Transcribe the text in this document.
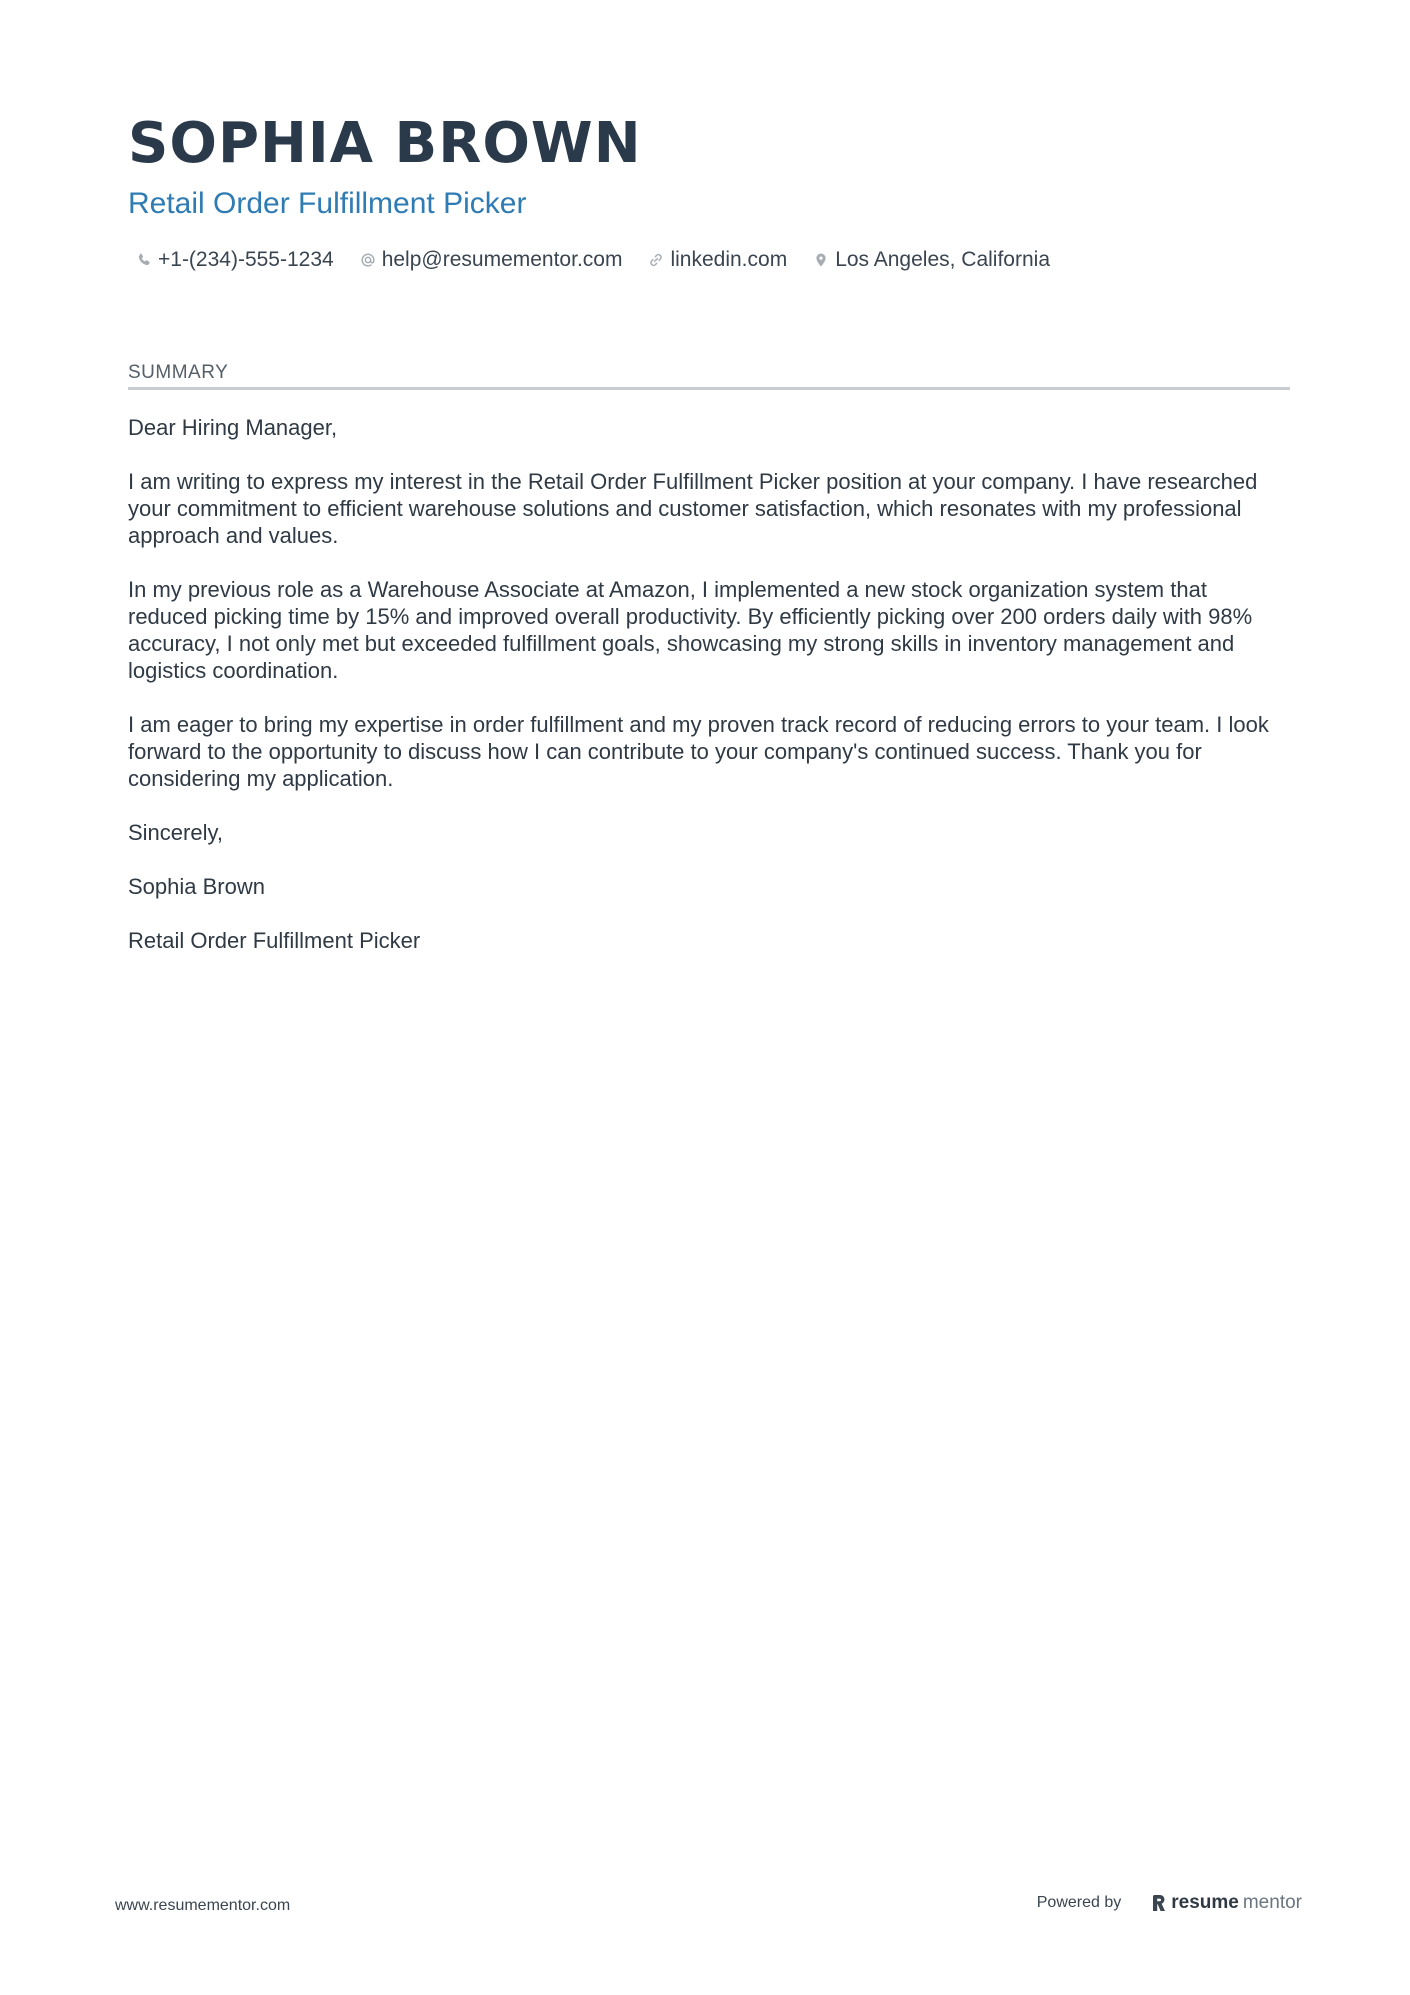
SOPHIA BROWN
Retail Order Fulfillment Picker
+1-(234)-555-1234 help@resumementor.com linkedin.com Los Angeles, California
SUMMARY

Dear Hiring Manager,

I am writing to express my interest in the Retail Order Fulfillment Picker position at your company. I have researched your commitment to efficient warehouse solutions and customer satisfaction, which resonates with my professional approach and values.

In my previous role as a Warehouse Associate at Amazon, I implemented a new stock organization system that reduced picking time by 15% and improved overall productivity. By efficiently picking over 200 orders daily with 98% accuracy, I not only met but exceeded fulfillment goals, showcasing my strong skills in inventory management and logistics coordination.

I am eager to bring my expertise in order fulfillment and my proven track record of reducing errors to your team. I look forward to the opportunity to discuss how I can contribute to your company's continued success. Thank you for considering my application.

Sincerely,

Sophia Brown

Retail Order Fulfillment Picker

www.resumementor.com	Powered by	resume mentor
